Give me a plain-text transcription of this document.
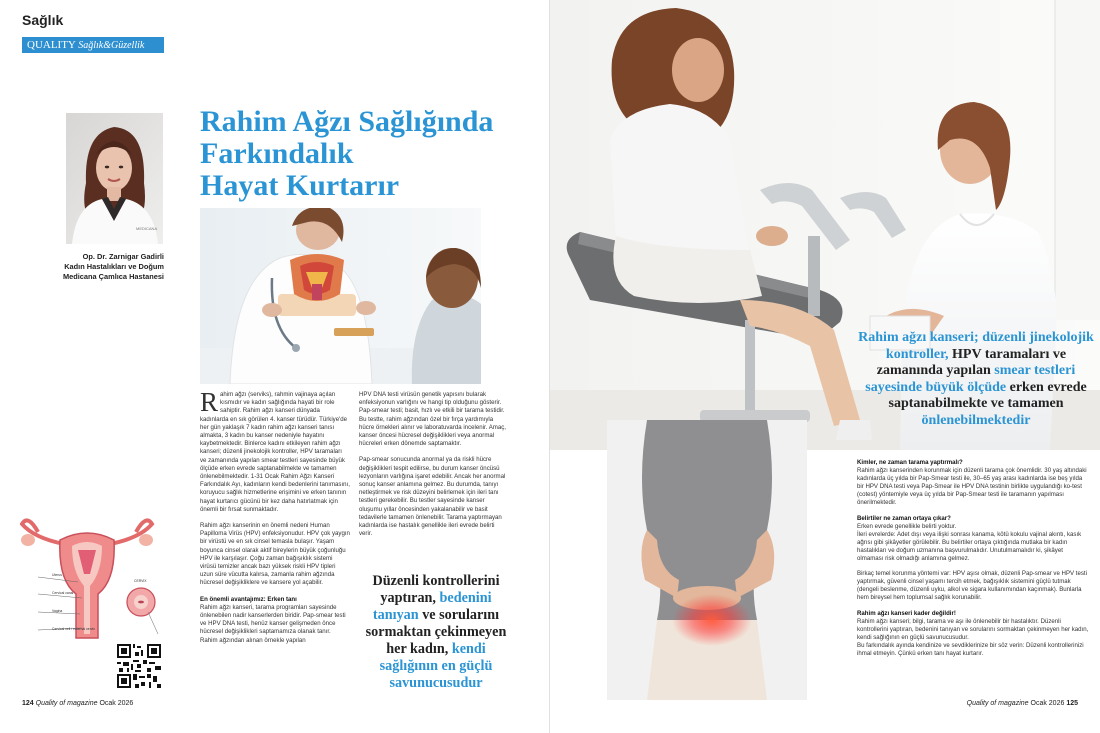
Sağlık
QUALITY Sağlık&Güzellik
MEDICANA
Op. Dr. Zarnigar Gadirli
Kadın Hastalıkları ve Doğum
Medicana Çamlıca Hastanesi
Rahim Ağzı Sağlığında
Farkındalık
Hayat Kurtarır

Rahim ağzı (serviks), rahmin vajinaya açılan kısmıdır ve kadın sağlığında hayati bir role sahiptir. Rahim ağzı kanseri dünyada kadınlarda en sık görülen 4. kanser türüdür. Türkiye'de her gün yaklaşık 7 kadın rahim ağzı kanseri tanısı almakta, 3 kadın bu kanser nedeniyle hayatını kaybetmektedir. Binlerce kadını etkileyen rahim ağzı kanseri; düzenli jinekolojik kontroller, HPV taramaları ve zamanında yapılan smear testleri sayesinde büyük ölçüde erken evrede saptanabilmekte ve tamamen önlenebilmektedir. 1-31 Ocak Rahim Ağzı Kanseri Farkındalık Ayı, kadınların kendi bedenlerini tanımasını, koruyucu sağlık hizmetlerine erişimini ve erken tanının hayat kurtarıcı gücünü bir kez daha hatırlatmak için önemli bir fırsat sunmaktadır.

Rahim ağzı kanserinin en önemli nedeni Human Papilloma Virüs (HPV) enfeksiyonudur. HPV çok yaygın bir virüstü ve en sık cinsel temasla bulaşır. Yaşam boyunca cinsel olarak aktif bireylerin büyük çoğunluğu HPV ile karşılaşır. Çoğu zaman bağışıklık sistemi virüsü temizler ancak bazı yüksek riskli HPV tipleri uzun süre vücutta kalırsa, zamanla rahim ağzında hücresel değişikliklere ve kansere yol açabilir.

En önemli avantajımız: Erken tanı
Rahim ağzı kanseri, tarama programları sayesinde önlenebilen nadir kanserlerden biridir. Pap-smear testi ve HPV DNA testi, henüz kanser gelişmeden önce hücresel değişiklikleri saptamamıza olanak tanır. Rahim ağzından alınan örnekle yapılan

HPV DNA testi virüsün genetik yapısını bularak enfeksiyonun varlığını ve hangi tip olduğunu gösterir. Pap-smear testi; basit, hızlı ve etkili bir tarama testidir. Bu testte, rahim ağzından özel bir fırça yardımıyla hücre örnekleri alınır ve laboratuvarda incelenir. Amaç, kanser öncesi hücresel değişiklikleri veya anormal hücreleri erken dönemde saptamaktır.

Pap-smear sonucunda anormal ya da riskli hücre değişiklikleri tespit edilirse, bu durum kanser öncüsü lezyonların varlığına işaret edebilir. Ancak her anormal sonuç kanser anlamına gelmez. Bu durumda, tanıyı netleştirmek ve risk düzeyini belirlemek için ileri tanı testleri gerekebilir. Bu testler sayesinde kanser oluşumu yıllar öncesinden yakalanabilir ve basit tedavilerle tamamen önlenebilir. Tarama yaptırmayan kadınlarda ise hastalık genellikle ileri evrede belirti verir.

Düzenli kontrollerini yaptıran, bedenini tanıyan ve sorularını sormaktan çekinmeyen her kadın, kendi sağlığının en güçlü savunucusudur
Uterus
Cervical canal
Vagina
Cervical cell / external cervix
CERVIX
124 Quality of magazine Ocak 2026
Rahim ağzı kanseri; düzenli jinekolojik kontroller, HPV taramaları ve zamanında yapılan smear testleri sayesinde büyük ölçüde erken evrede saptanabilmekte ve tamamen önlenebilmektedir

Kimler, ne zaman tarama yaptırmalı?
Rahim ağzı kanserinden korunmak için düzenli tarama çok önemlidir. 30 yaş altındaki kadınlarda üç yılda bir Pap-Smear testi ile, 30–65 yaş arası kadınlarda ise beş yılda bir HPV DNA testi veya Pap-Smear ile HPV DNA testinin birlikte uygulandığı ko-test (cotest) yöntemiyle veya üç yılda bir Pap-Smear testi ile taramanın yapılması önerilmektedir.

Belirtiler ne zaman ortaya çıkar?
Erken evrede genellikle belirti yoktur.
İleri evrelerde: Adet dışı veya ilişki sonrası kanama, kötü kokulu vajinal akıntı, kasık ağrısı gibi şikâyetler görülebilir. Bu belirtiler ortaya çıktığında mutlaka bir kadın hastalıkları ve doğum uzmanına başvurulmalıdır. Unutulmamalıdır ki, şikâyet olmaması risk olmadığı anlamına gelmez.

Birkaç temel korunma yöntemi var: HPV aşısı olmak, düzenli Pap-smear ve HPV testi yaptırmak, güvenli cinsel yaşamı tercih etmek, bağışıklık sistemini güçlü tutmak (dengeli beslenme, düzenli uyku, alkol ve sigara kullanımından kaçınmak). Bunlarla hem bireysel hem toplumsal sağlık korunabilir.

Rahim ağzı kanseri kader değildir!
Rahim ağzı kanseri; bilgi, tarama ve aşı ile önlenebilir bir hastalıktır. Düzenli kontrollerini yaptıran, bedenini tanıyan ve sorularını sormaktan çekinmeyen her kadın, kendi sağlığının en güçlü savunucusudur.
Bu farkındalık ayında kendinize ve sevdiklerinize bir söz verin: Düzenli kontrollerinizi ihmal etmeyin. Çünkü erken tanı hayat kurtarır.

Quality of magazine Ocak 2026 125
